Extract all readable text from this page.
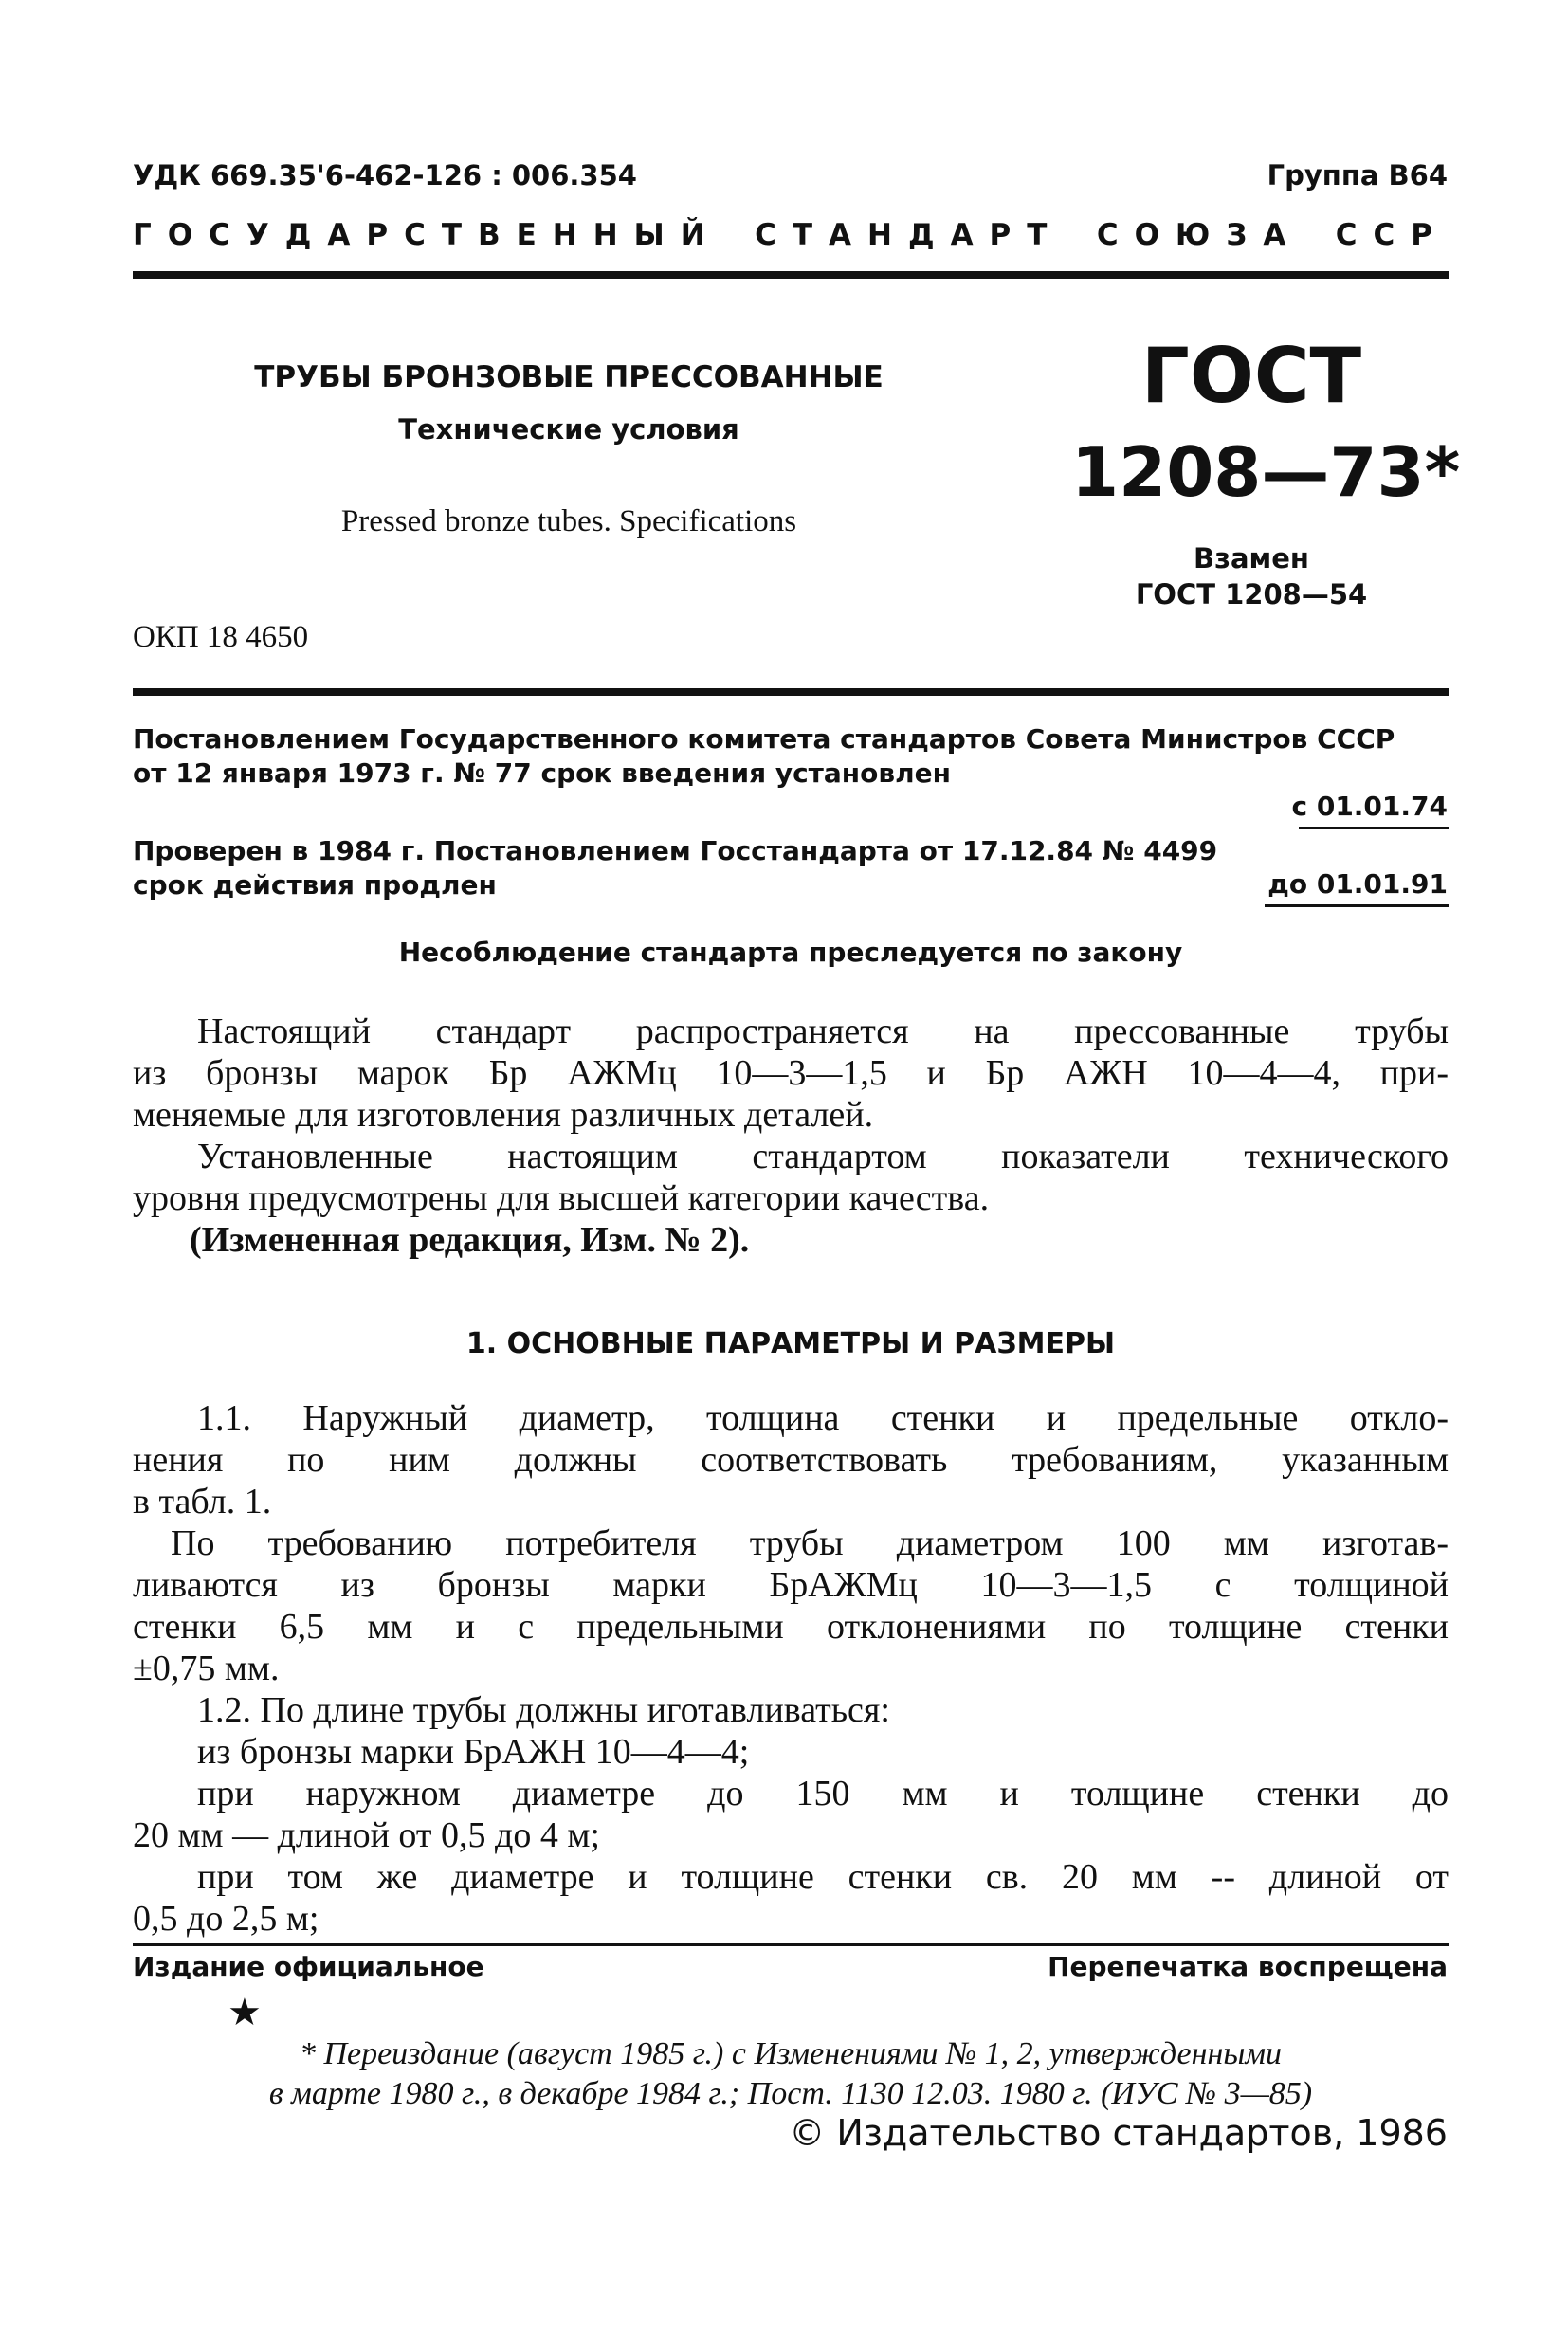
УДК 669.35'6-462-126 : 006.354	Группа В64
ГОСУДАРСТВЕННЫЙ СТАНДАРТ СОЮЗА ССР
ТРУБЫ БРОНЗОВЫЕ ПРЕССОВАННЫЕ
Технические условия
Pressed bronze tubes. Specifications
ОКП 18 4650
ГОСТ
1208—73*
Взамен
ГОСТ 1208—54
Постановлением Государственного комитета стандартов Совета Министров СССР
от 12 января 1973 г. № 77 срок введения установлен
с 01.01.74
Проверен в 1984 г. Постановлением Госстандарта от 17.12.84 № 4499
срок действия продлен	до 01.01.91
Несоблюдение стандарта преследуется по закону
Настоящий стандарт распространяется на прессованные трубы
из бронзы марок Бр АЖМц 10—3—1,5 и Бр АЖН 10—4—4, при-
меняемые для изготовления различных деталей.
Установленные настоящим стандартом показатели технического
уровня предусмотрены для высшей категории качества.
(Измененная редакция, Изм. № 2).
1. ОСНОВНЫЕ ПАРАМЕТРЫ И РАЗМЕРЫ
1.1. Наружный диаметр, толщина стенки и предельные откло-
нения по ним должны соответствовать требованиям, указанным
в табл. 1.
По требованию потребителя трубы диаметром 100 мм изготав-
ливаются из бронзы марки БрАЖМц 10—3—1,5 с толщиной
стенки 6,5 мм и с предельными отклонениями по толщине стенки
±0,75 мм.
1.2. По длине трубы должны иготавливаться:
из бронзы марки БрАЖН 10—4—4;
при наружном диаметре до 150 мм и толщине стенки до
20 мм — длиной от 0,5 до 4 м;
при том же диаметре и толщине стенки св. 20 мм -- длиной от
0,5 до 2,5 м;
Издание официальное	Перепечатка воспрещена
★
* Переиздание (август 1985 г.) с Изменениями № 1, 2, утвержденными
в марте 1980 г., в декабре 1984 г.; Пост. 1130 12.03. 1980 г. (ИУС № 3—85)
© Издательство стандартов, 1986
